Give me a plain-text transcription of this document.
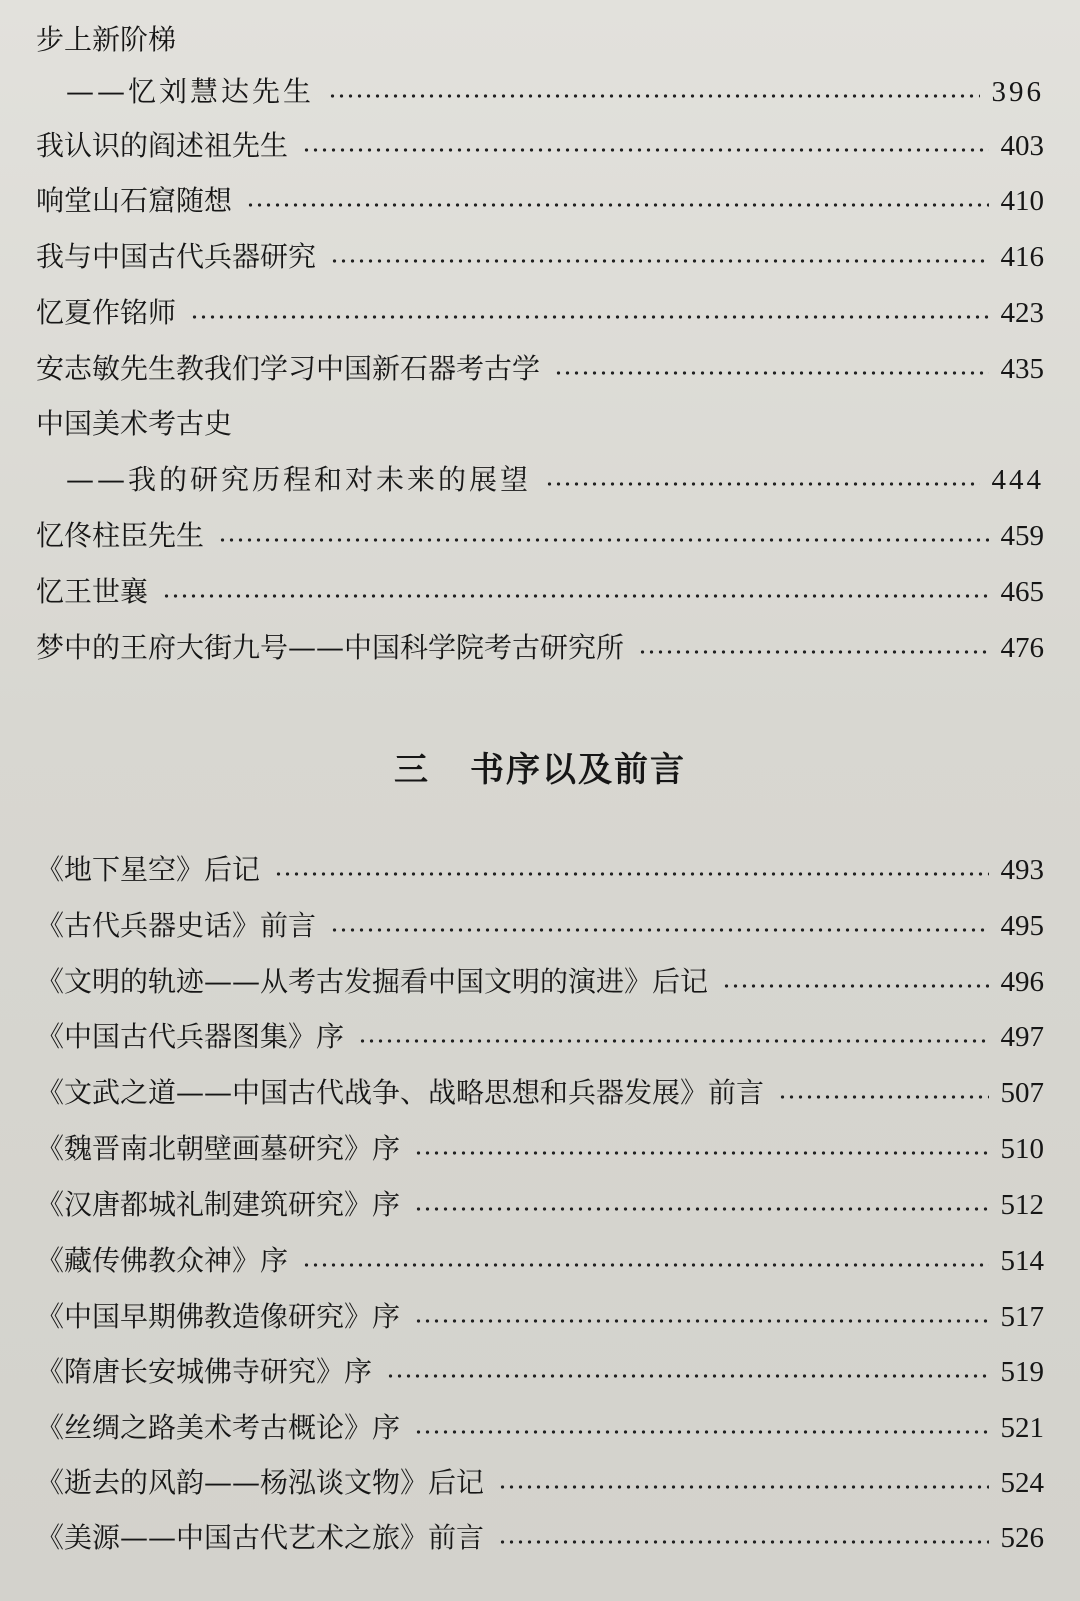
步上新阶梯
——忆刘慧达先生	396
我认识的阎述祖先生	403
响堂山石窟随想	410
我与中国古代兵器研究	416
忆夏作铭师	423
安志敏先生教我们学习中国新石器考古学	435
中国美术考古史
——我的研究历程和对未来的展望	444
忆佟柱臣先生	459
忆王世襄	465
梦中的王府大街九号——中国科学院考古研究所	476
三 书序以及前言
《地下星空》后记	493
《古代兵器史话》前言	495
《文明的轨迹——从考古发掘看中国文明的演进》后记	496
《中国古代兵器图集》序	497
《文武之道——中国古代战争、战略思想和兵器发展》前言	507
《魏晋南北朝壁画墓研究》序	510
《汉唐都城礼制建筑研究》序	512
《藏传佛教众神》序	514
《中国早期佛教造像研究》序	517
《隋唐长安城佛寺研究》序	519
《丝绸之路美术考古概论》序	521
《逝去的风韵——杨泓谈文物》后记	524
《美源——中国古代艺术之旅》前言	526
